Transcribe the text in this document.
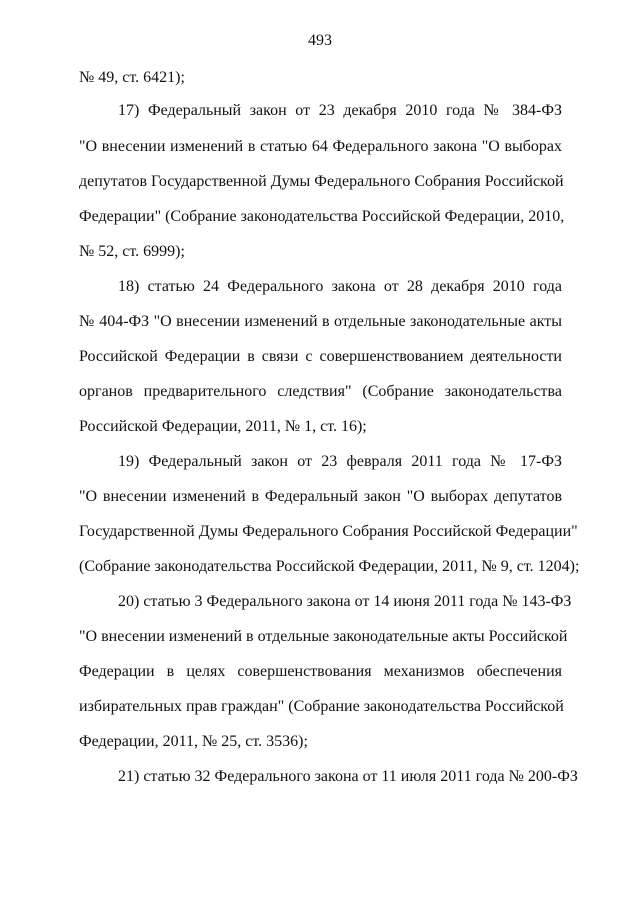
493
№ 49, ст. 6421);
17) Федеральный закон от 23 декабря 2010 года № 384-ФЗ
"О внесении изменений в статью 64 Федерального закона "О выборах
депутатов Государственной Думы Федерального Собрания Российской
Федерации" (Собрание законодательства Российской Федерации, 2010,
№ 52, ст. 6999);
18) статью 24 Федерального закона от 28 декабря 2010 года
№ 404-ФЗ "О внесении изменений в отдельные законодательные акты
Российской Федерации в связи с совершенствованием деятельности
органов предварительного следствия" (Собрание законодательства
Российской Федерации, 2011, № 1, ст. 16);
19) Федеральный закон от 23 февраля 2011 года № 17-ФЗ
"О внесении изменений в Федеральный закон "О выборах депутатов
Государственной Думы Федерального Собрания Российской Федерации"
(Собрание законодательства Российской Федерации, 2011, № 9, ст. 1204);
20) статью 3 Федерального закона от 14 июня 2011 года № 143-ФЗ
"О внесении изменений в отдельные законодательные акты Российской
Федерации в целях совершенствования механизмов обеспечения
избирательных прав граждан" (Собрание законодательства Российской
Федерации, 2011, № 25, ст. 3536);
21) статью 32 Федерального закона от 11 июля 2011 года № 200-ФЗ
